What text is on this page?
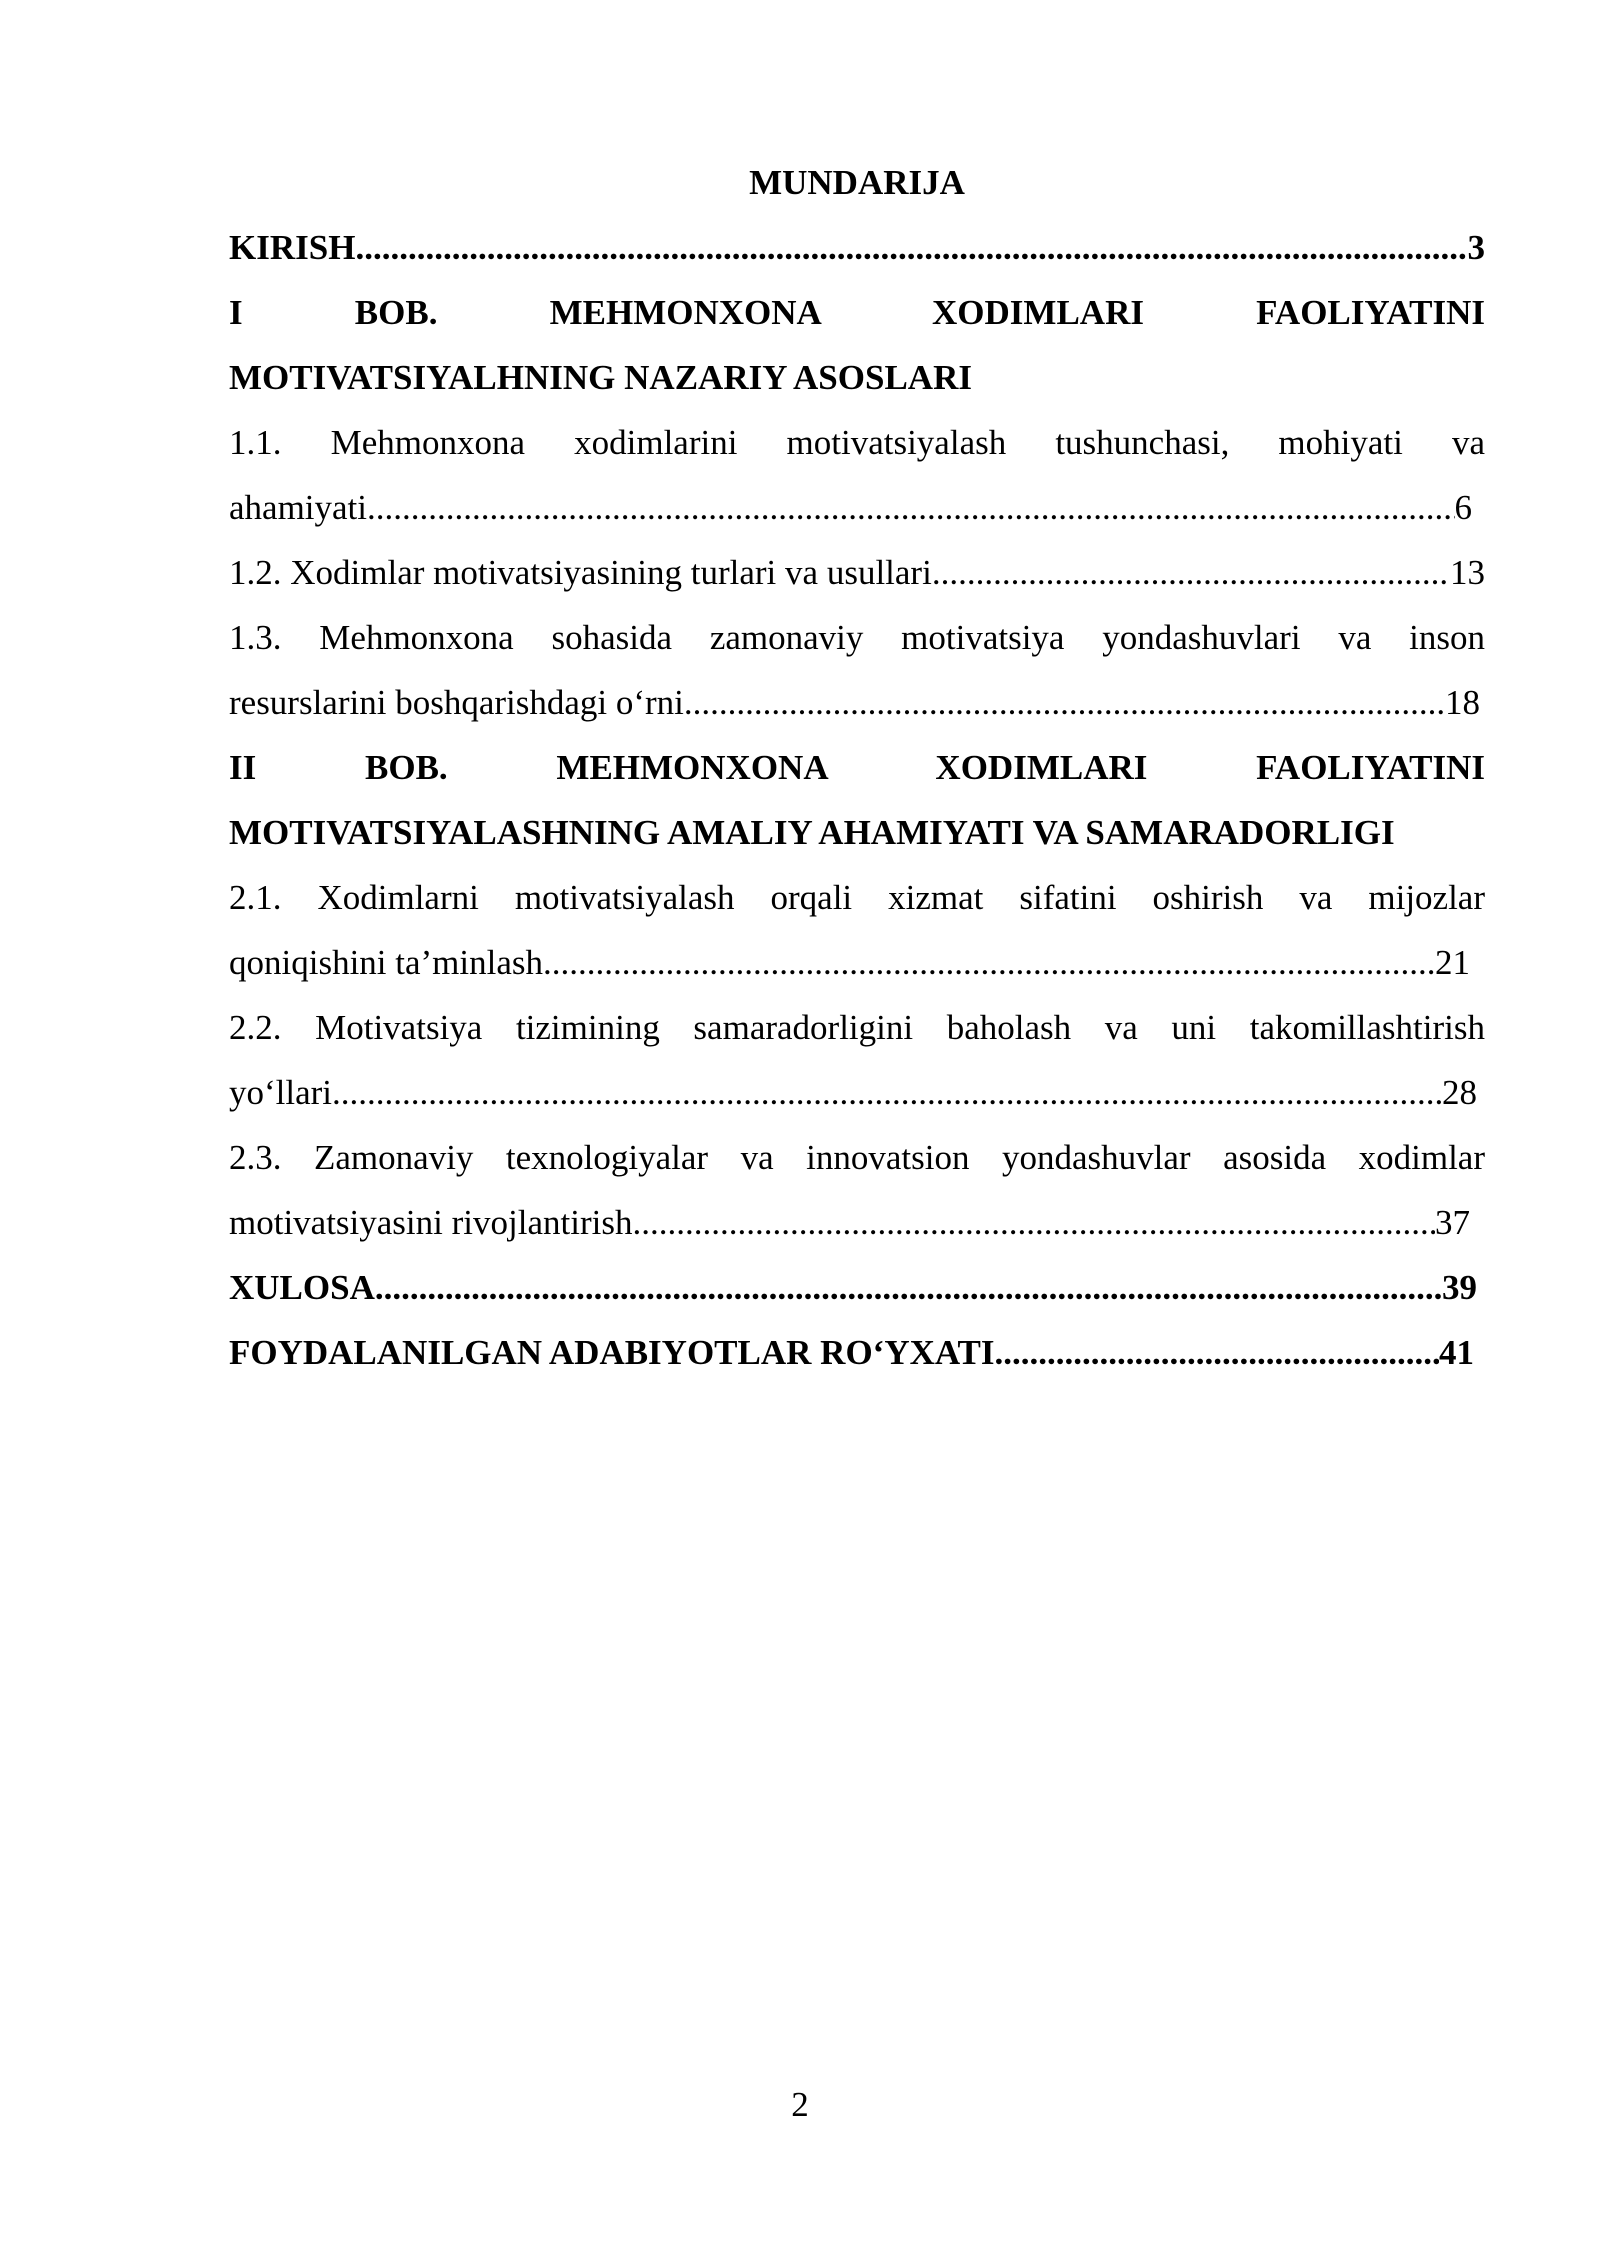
MUNDARIJA
KIRISH .....	3
I BOB. MEHMONXONA XODIMLARI FAOLIYATINI
MOTIVATSIYALHNING NAZARIY ASOSLARI
1.1. Mehmonxona xodimlarini motivatsiyalash tushunchasi, mohiyati va
ahamiyati .....	6
1.2. Xodimlar motivatsiyasining turlari va usullari .....	13
1.3. Mehmonxona sohasida zamonaviy motivatsiya yondashuvlari va inson
resurslarini boshqarishdagi o‘rni .....	18
II BOB. MEHMONXONA XODIMLARI FAOLIYATINI
MOTIVATSIYALASHNING AMALIY AHAMIYATI VA SAMARADORLIGI
2.1. Xodimlarni motivatsiyalash orqali xizmat sifatini oshirish va mijozlar
qoniqishini ta’minlash .....	21
2.2. Motivatsiya tizimining samaradorligini baholash va uni takomillashtirish
yo‘llari .....	28
2.3. Zamonaviy texnologiyalar va innovatsion yondashuvlar asosida xodimlar
motivatsiyasini rivojlantirish .....	37
XULOSA .....	39
FOYDALANILGAN ADABIYOTLAR RO‘YXATI .....	41
2
